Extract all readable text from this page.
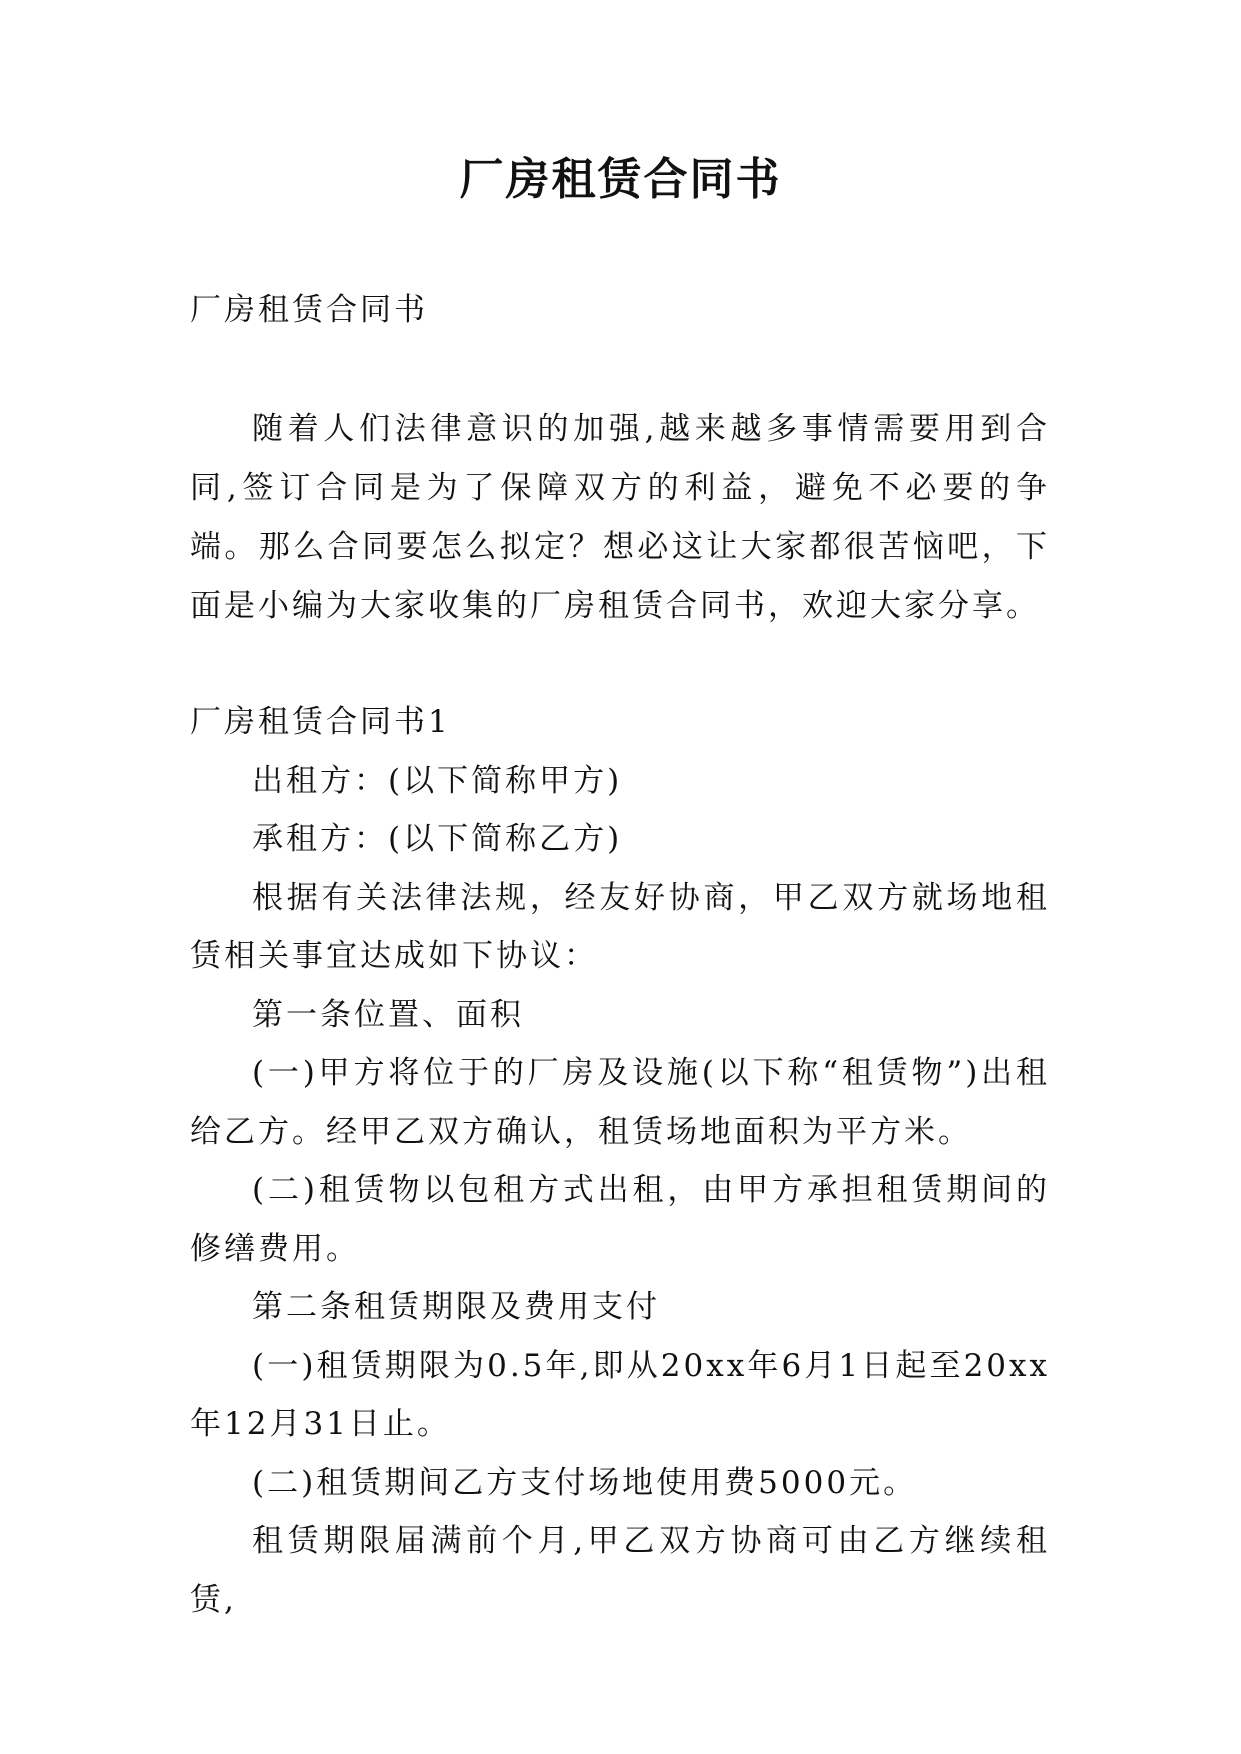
厂房租赁合同书
厂房租赁合同书

随着人们法律意识的加强,越来越多事情需要用到合同,签订合同是为了保障双方的利益，避免不必要的争端。那么合同要怎么拟定？想必这让大家都很苦恼吧，下面是小编为大家收集的厂房租赁合同书，欢迎大家分享。

厂房租赁合同书1

出租方：(以下简称甲方)

承租方：(以下简称乙方)

根据有关法律法规，经友好协商，甲乙双方就场地租赁相关事宜达成如下协议：

第一条位置、面积

(一)甲方将位于的厂房及设施(以下称“租赁物”)出租给乙方。经甲乙双方确认，租赁场地面积为平方米。

(二)租赁物以包租方式出租，由甲方承担租赁期间的修缮费用。

第二条租赁期限及费用支付

(一)租赁期限为0.5年,即从20xx年6月1日起至20xx年12月31日止。

(二)租赁期间乙方支付场地使用费5000元。

租赁期限届满前个月,甲乙双方协商可由乙方继续租赁,
